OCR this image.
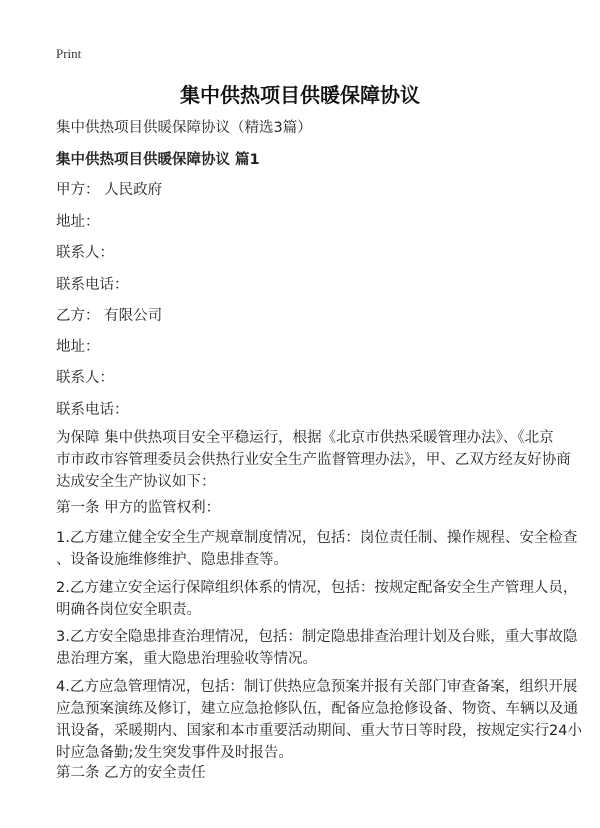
Print
集中供热项目供暖保障协议
集中供热项目供暖保障协议（精选3篇）
集中供热项目供暖保障协议 篇1
甲方： 人民政府
地址：
联系人：
联系电话：
乙方： 有限公司
地址：
联系人：
联系电话：
为保障 集中供热项目安全平稳运行，根据《北京市供热采暖管理办法》、《北京
市市政市容管理委员会供热行业安全生产监督管理办法》，甲、乙双方经友好协商
达成安全生产协议如下：
第一条 甲方的监管权利：
1.乙方建立健全安全生产规章制度情况，包括：岗位责任制、操作规程、安全检查
、设备设施维修维护、隐患排查等。
2.乙方建立安全运行保障组织体系的情况，包括：按规定配备安全生产管理人员，
明确各岗位安全职责。
3.乙方安全隐患排查治理情况，包括：制定隐患排查治理计划及台账，重大事故隐
患治理方案，重大隐患治理验收等情况。
4.乙方应急管理情况，包括：制订供热应急预案并报有关部门审查备案，组织开展
应急预案演练及修订，建立应急抢修队伍，配备应急抢修设备、物资、车辆以及通
讯设备，采暖期内、国家和本市重要活动期间、重大节日等时段，按规定实行24小
时应急备勤;发生突发事件及时报告。
第二条 乙方的安全责任
